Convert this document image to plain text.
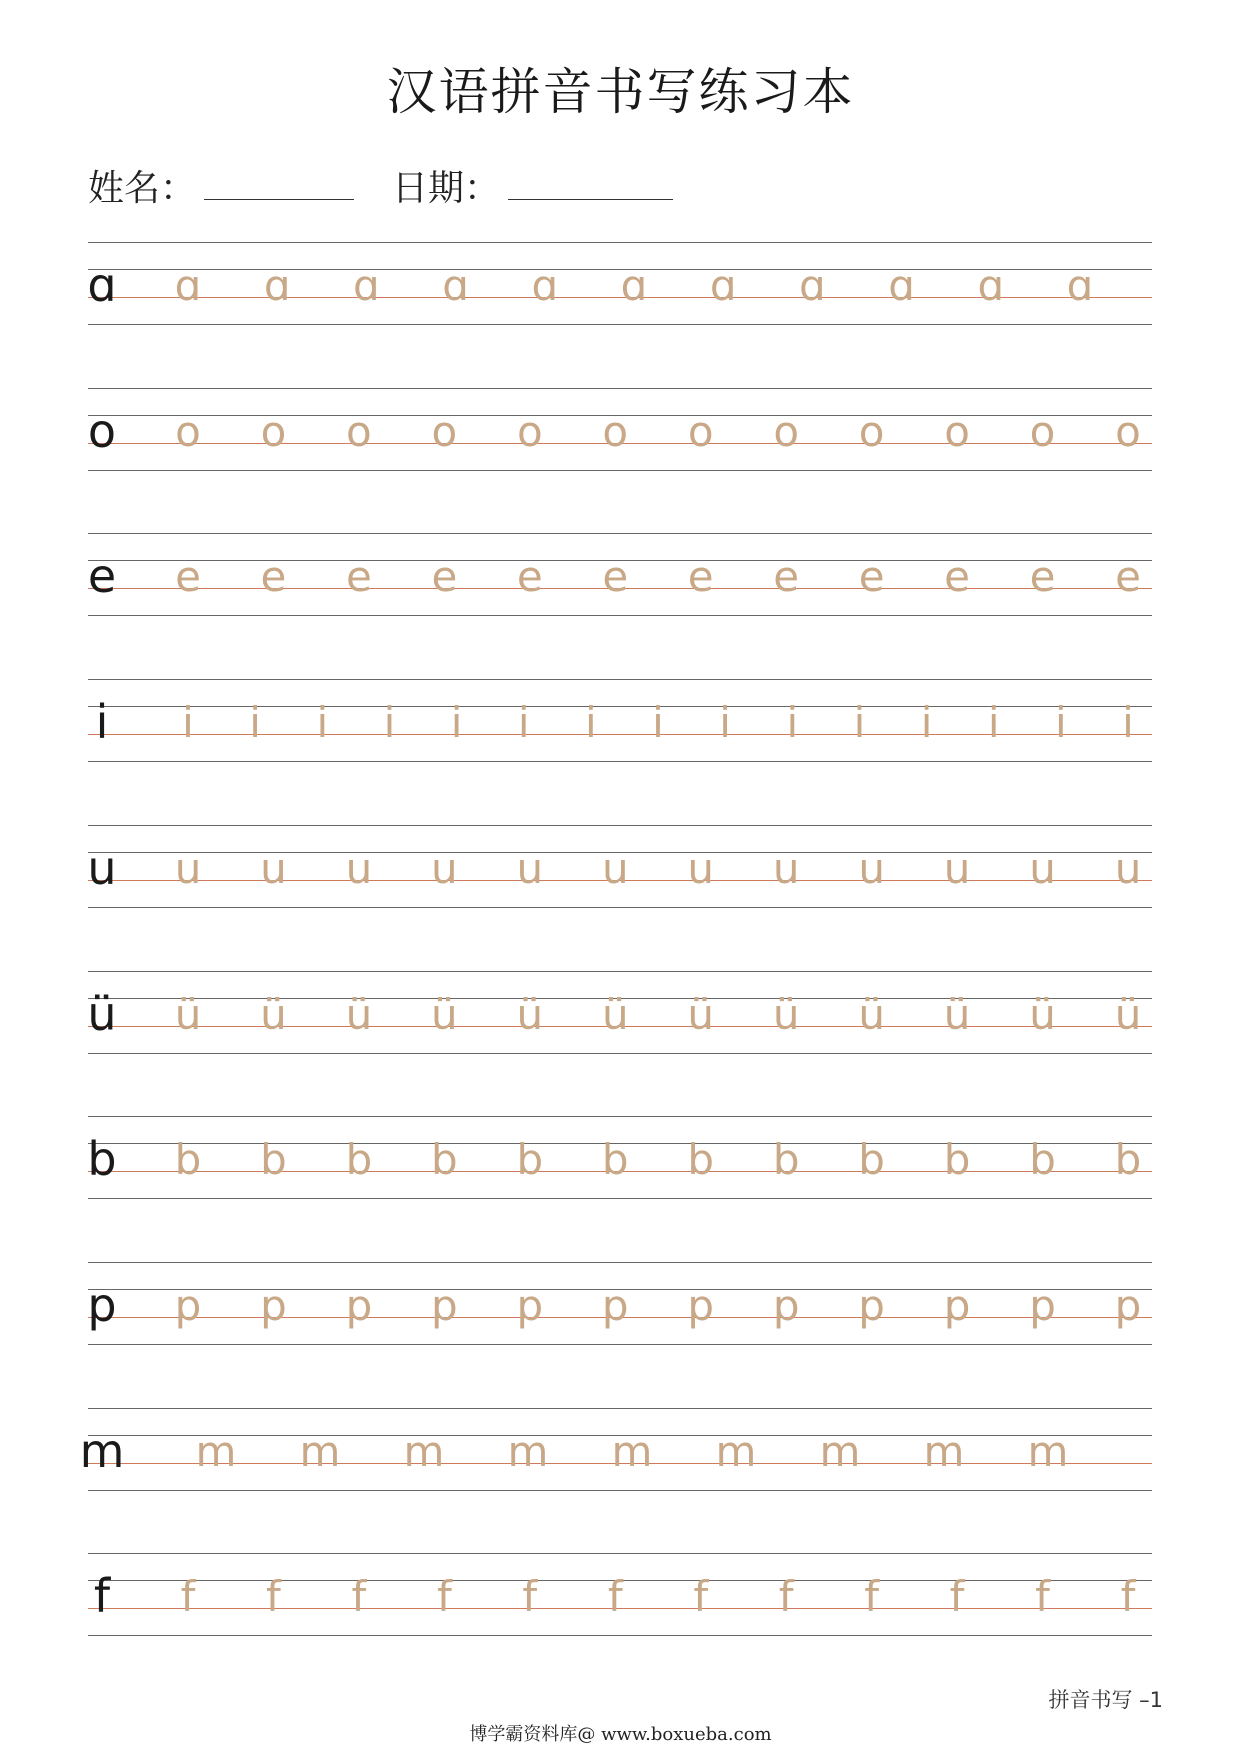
汉语拼音书写练习本
姓名：	日期：
ɑ ɑ ɑ ɑ ɑ ɑ ɑ ɑ ɑ ɑ ɑ ɑ
o o o o o o o o o o o o o
e e e e e e e e e e e e e
i i i i i i i i i i i i i i i i
u u u u u u u u u u u u u
ü ü ü ü ü ü ü ü ü ü ü ü ü
b b b b b b b b b b b b b
p p p p p p p p p p p p p
m m m m m m m m m m
f f f f f f f f f f f f f
拼音书写 –1
博学霸资料库@ www.boxueba.com
